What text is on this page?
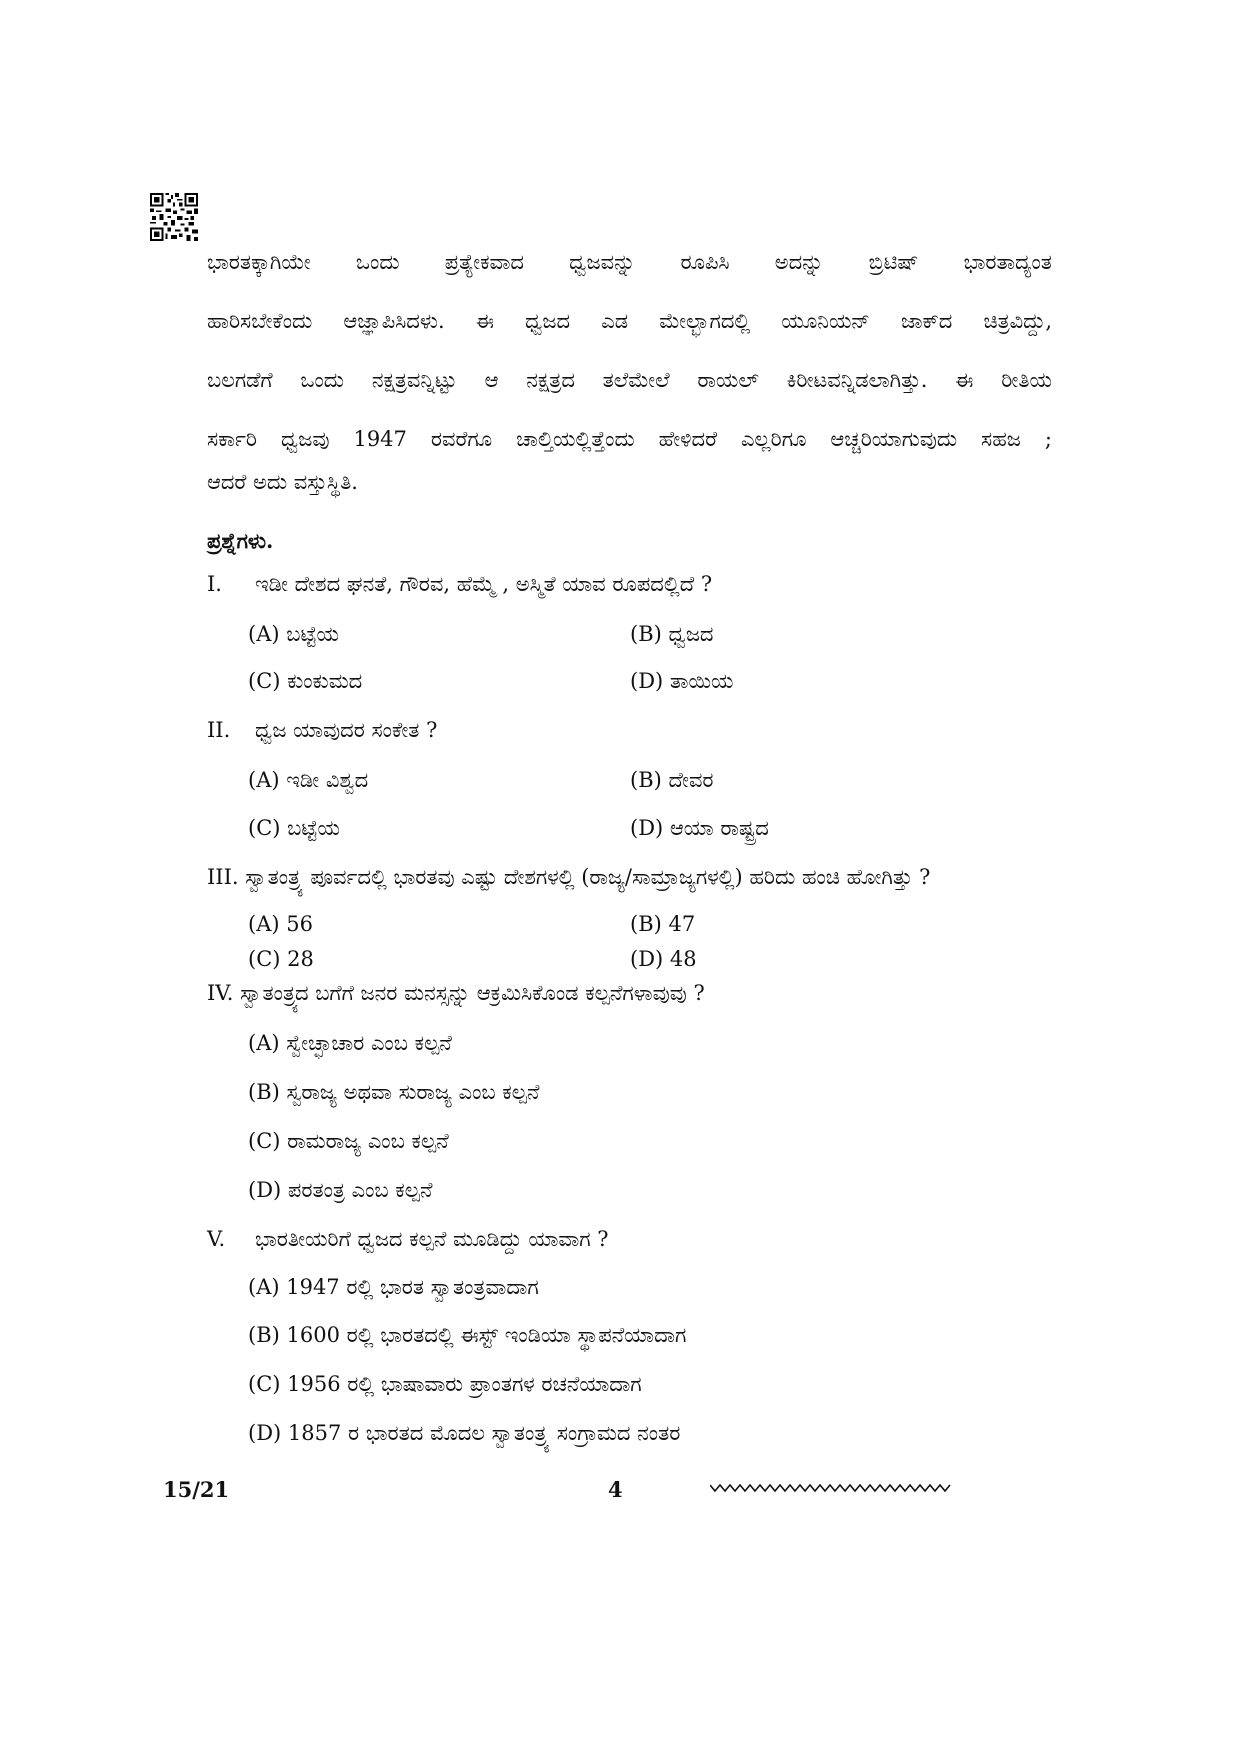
ಭಾರತಕ್ಕಾಗಿಯೇ ಒಂದು ಪ್ರತ್ಯೇಕವಾದ ಧ್ವಜವನ್ನು ರೂಪಿಸಿ ಅದನ್ನು ಬ್ರಿಟಿಷ್ ಭಾರತಾದ್ಯಂತ
ಹಾರಿಸಬೇಕೆಂದು ಆಜ್ಞಾಪಿಸಿದಳು. ಈ ಧ್ವಜದ ಎಡ ಮೇಲ್ಭಾಗದಲ್ಲಿ ಯೂನಿಯನ್ ಜಾಕ್‌ದ ಚಿತ್ರವಿದ್ದು,
ಬಲಗಡೆಗೆ ಒಂದು ನಕ್ಷತ್ರವನ್ನಿಟ್ಟು ಆ ನಕ್ಷತ್ರದ ತಲೆಮೇಲೆ ರಾಯಲ್ ಕಿರೀಟವನ್ನಿಡಲಾಗಿತ್ತು. ಈ ರೀತಿಯ
ಸರ್ಕಾರಿ ಧ್ವಜವು 1947 ರವರೆಗೂ ಚಾಲ್ತಿಯಲ್ಲಿತ್ತೆಂದು ಹೇಳಿದರೆ ಎಲ್ಲರಿಗೂ ಆಚ್ಚರಿಯಾಗುವುದು ಸಹಜ ;
ಆದರೆ ಅದು ವಸ್ತುಸ್ಥಿತಿ.
ಪ್ರಶ್ನೆಗಳು.
I. ಇಡೀ ದೇಶದ ಘನತೆ, ಗೌರವ, ಹೆಮ್ಮೆ , ಅಸ್ಮಿತೆ ಯಾವ ರೂಪದಲ್ಲಿದೆ ?
(A) ಬಟ್ಟೆಯ	(B) ಧ್ವಜದ
(C) ಕುಂಕುಮದ	(D) ತಾಯಿಯ
II. ಧ್ವಜ ಯಾವುದರ ಸಂಕೇತ ?
(A) ಇಡೀ ವಿಶ್ವದ	(B) ದೇವರ
(C) ಬಟ್ಟೆಯ	(D) ಆಯಾ ರಾಷ್ಟ್ರದ
III. ಸ್ವಾತಂತ್ರ್ಯ ಪೂರ್ವದಲ್ಲಿ ಭಾರತವು ಎಷ್ಟು ದೇಶಗಳಲ್ಲಿ (ರಾಜ್ಯ/ಸಾಮ್ರಾಜ್ಯಗಳಲ್ಲಿ) ಹರಿದು ಹಂಚಿ ಹೋಗಿತ್ತು ?
(A) 56	(B) 47
(C) 28	(D) 48
IV. ಸ್ವಾತಂತ್ರ್ಯದ ಬಗೆಗೆ ಜನರ ಮನಸ್ಸನ್ನು ಆಕ್ರಮಿಸಿಕೊಂಡ ಕಲ್ಪನೆಗಳಾವುವು ?
(A) ಸ್ವೇಚ್ಛಾಚಾರ ಎಂಬ ಕಲ್ಪನೆ
(B) ಸ್ವರಾಜ್ಯ ಅಥವಾ ಸುರಾಜ್ಯ ಎಂಬ ಕಲ್ಪನೆ
(C) ರಾಮರಾಜ್ಯ ಎಂಬ ಕಲ್ಪನೆ
(D) ಪರತಂತ್ರ ಎಂಬ ಕಲ್ಪನೆ
V. ಭಾರತೀಯರಿಗೆ ಧ್ವಜದ ಕಲ್ಪನೆ ಮೂಡಿದ್ದು ಯಾವಾಗ ?
(A) 1947 ರಲ್ಲಿ ಭಾರತ ಸ್ವಾತಂತ್ರವಾದಾಗ
(B) 1600 ರಲ್ಲಿ ಭಾರತದಲ್ಲಿ ಈಸ್ಟ್ ಇಂಡಿಯಾ ಸ್ಥಾಪನೆಯಾದಾಗ
(C) 1956 ರಲ್ಲಿ ಭಾಷಾವಾರು ಪ್ರಾಂತಗಳ ರಚನೆಯಾದಾಗ
(D) 1857 ರ ಭಾರತದ ಮೊದಲ ಸ್ವಾತಂತ್ರ್ಯ ಸಂಗ್ರಾಮದ ನಂತರ
15/21	4
